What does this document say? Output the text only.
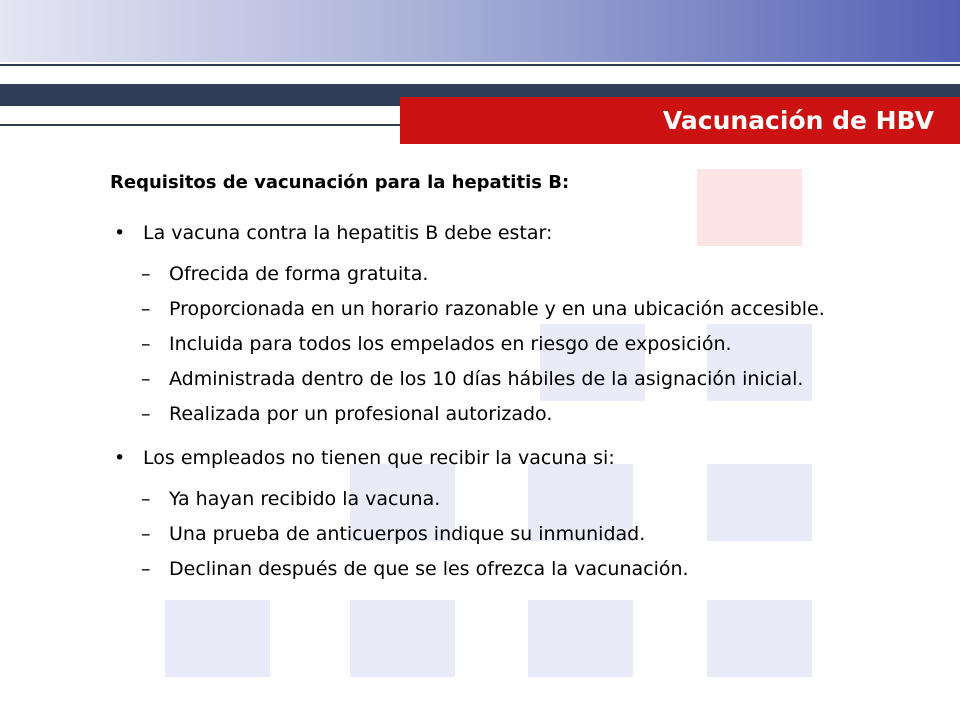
Vacunación de HBV

Requisitos de vacunación para la hepatitis B:

• La vacuna contra la hepatitis B debe estar:

– Ofrecida de forma gratuita.

– Proporcionada en un horario razonable y en una ubicación accesible.

– Incluida para todos los empelados en riesgo de exposición.

– Administrada dentro de los 10 días hábiles de la asignación inicial.

– Realizada por un profesional autorizado.

• Los empleados no tienen que recibir la vacuna si:

– Ya hayan recibido la vacuna.

– Una prueba de anticuerpos indique su inmunidad.

– Declinan después de que se les ofrezca la vacunación.
